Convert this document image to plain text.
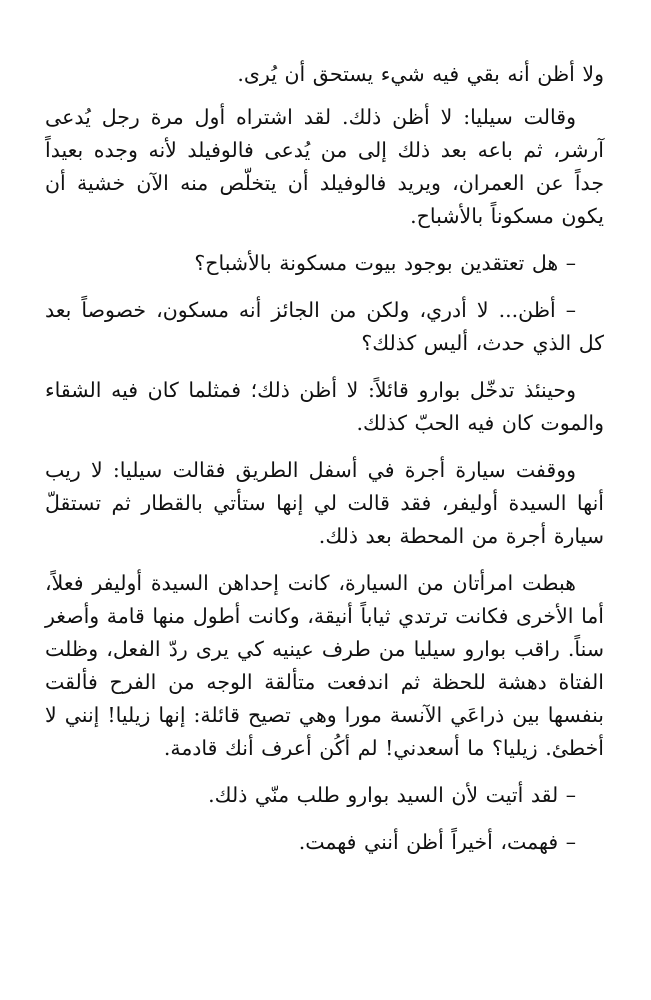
ولا أظن أنه بقي فيه شيء يستحق أن يُرى.

وقالت سيليا: لا أظن ذلك. لقد اشتراه أول مرة رجل يُدعى آرشر، ثم باعه بعد ذلك إلى من يُدعى فالوفيلد لأنه وجده بعيداً جداً عن العمران، ويريد فالوفيلد أن يتخلّص منه الآن خشية أن يكون مسكوناً بالأشباح.

– هل تعتقدين بوجود بيوت مسكونة بالأشباح؟

– أظن... لا أدري، ولكن من الجائز أنه مسكون، خصوصاً بعد كل الذي حدث، أليس كذلك؟

وحينئذ تدخّل بوارو قائلاً: لا أظن ذلك؛ فمثلما كان فيه الشقاء والموت كان فيه الحبّ كذلك.

ووقفت سيارة أجرة في أسفل الطريق فقالت سيليا: لا ريب أنها السيدة أوليفر، فقد قالت لي إنها ستأتي بالقطار ثم تستقلّ سيارة أجرة من المحطة بعد ذلك.

هبطت امرأتان من السيارة، كانت إحداهن السيدة أوليفر فعلاً، أما الأخرى فكانت ترتدي ثياباً أنيقة، وكانت أطول منها قامة وأصغر سناً. راقب بوارو سيليا من طرف عينيه كي يرى ردّ الفعل، وظلت الفتاة دهشة للحظة ثم اندفعت متألقة الوجه من الفرح فألقت بنفسها بين ذراعَي الآنسة مورا وهي تصيح قائلة: إنها زيليا! إنني لا أخطئ. زيليا؟ ما أسعدني! لم أكُن أعرف أنك قادمة.

– لقد أتيت لأن السيد بوارو طلب منّي ذلك.

– فهمت، أخيراً أظن أنني فهمت.
